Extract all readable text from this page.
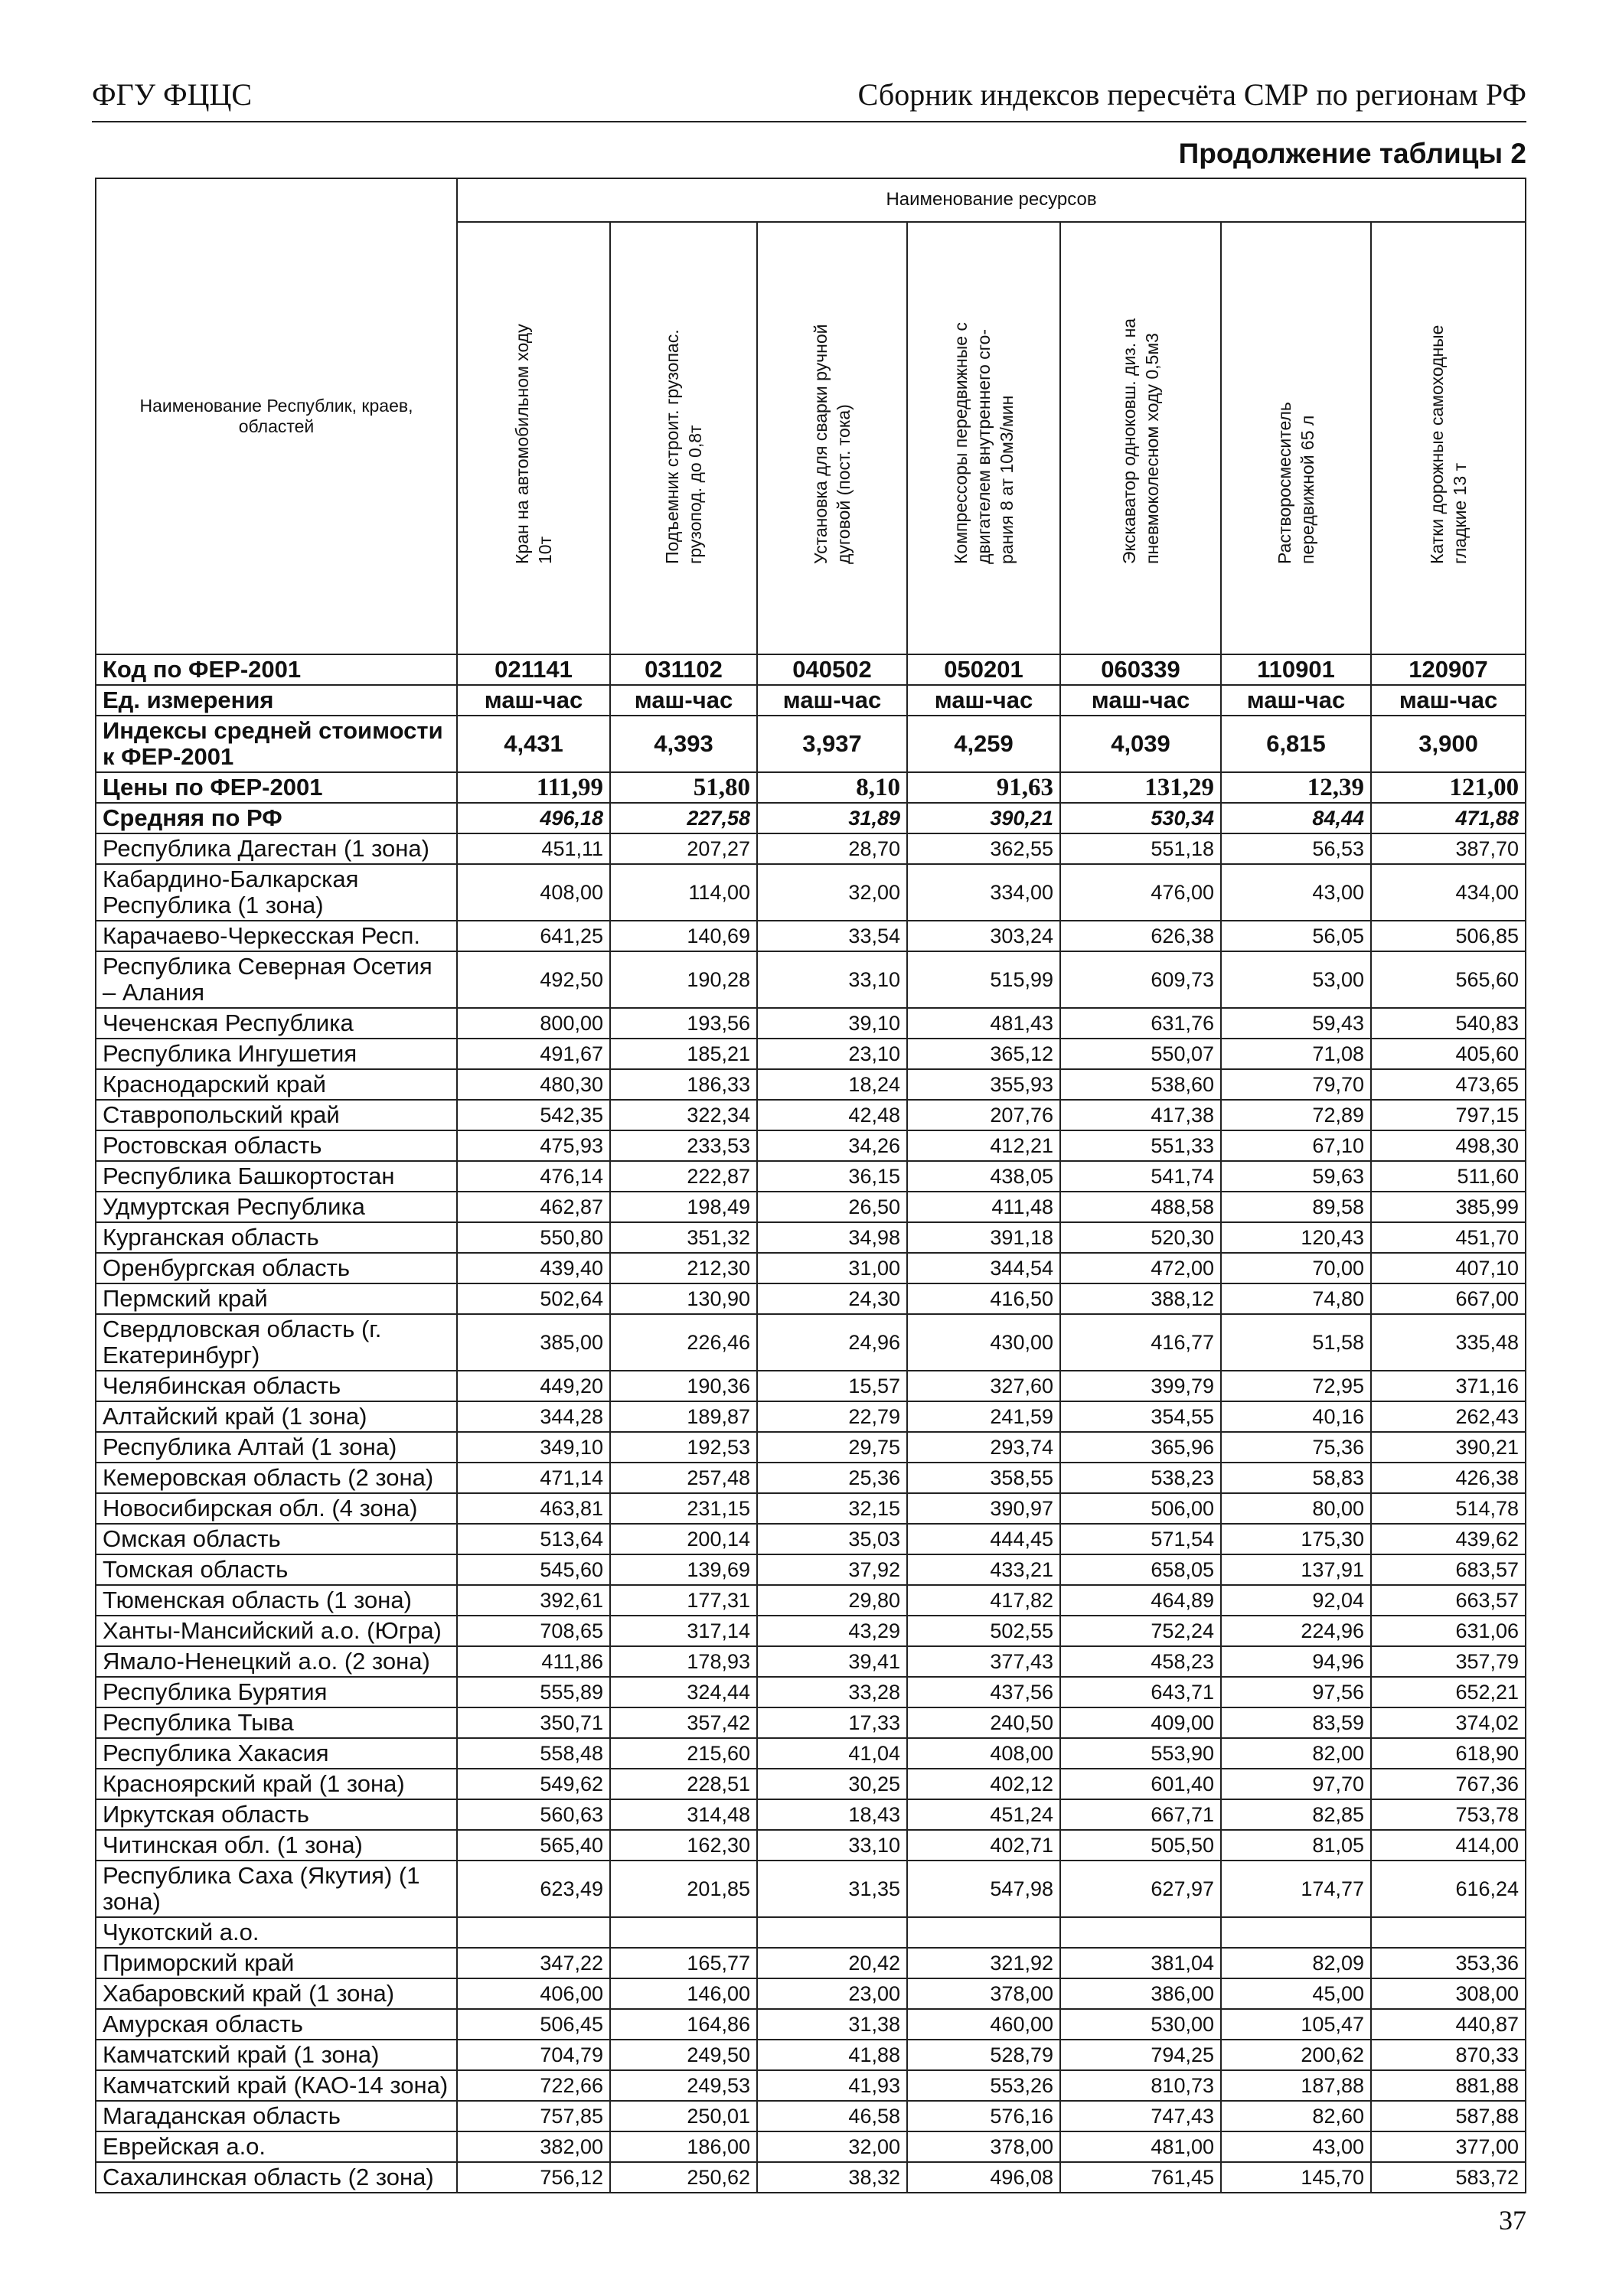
ФГУ ФЦЦС	Сборник индексов пересчёта СМР по регионам РФ
Продолжение таблицы 2
Наименование Республик, краев, областей	Наименование ресурсов						

	Кран на автомобильном ходу 10т	Подъемник строит. грузопас. грузопод. до 0,8т	Установка для сварки ручной дуговой (пост. тока)	Компрессоры передвижные с двигателем внутреннего сго-рания 8 ат 10м3/мин	Экскаватор одноковш. диз. на пневмоколесном ходу 0,5м3	Растворосмеситель передвижной 65 л	Катки дорожные самоходные гладкие 13 т

Код по ФЕР-2001	021141	031102	040502	050201	060339	110901	120907
Ед. измерения	маш-час	маш-час	маш-час	маш-час	маш-час	маш-час	маш-час
Индексы средней стоимости к ФЕР-2001	4,431	4,393	3,937	4,259	4,039	6,815	3,900
Цены по ФЕР-2001	111,99	51,80	8,10	91,63	131,29	12,39	121,00
Средняя по РФ	496,18	227,58	31,89	390,21	530,34	84,44	471,88
Республика Дагестан (1 зона)	451,11	207,27	28,70	362,55	551,18	56,53	387,70
Кабардино-Балкарская Республика (1 зона)	408,00	114,00	32,00	334,00	476,00	43,00	434,00
Карачаево-Черкесская Респ.	641,25	140,69	33,54	303,24	626,38	56,05	506,85
Республика Северная Осетия – Алания	492,50	190,28	33,10	515,99	609,73	53,00	565,60
Чеченская Республика	800,00	193,56	39,10	481,43	631,76	59,43	540,83
Республика Ингушетия	491,67	185,21	23,10	365,12	550,07	71,08	405,60
Краснодарский край	480,30	186,33	18,24	355,93	538,60	79,70	473,65
Ставропольский край	542,35	322,34	42,48	207,76	417,38	72,89	797,15
Ростовская область	475,93	233,53	34,26	412,21	551,33	67,10	498,30
Республика Башкортостан	476,14	222,87	36,15	438,05	541,74	59,63	511,60
Удмуртская Республика	462,87	198,49	26,50	411,48	488,58	89,58	385,99
Курганская область	550,80	351,32	34,98	391,18	520,30	120,43	451,70
Оренбургская область	439,40	212,30	31,00	344,54	472,00	70,00	407,10
Пермский край	502,64	130,90	24,30	416,50	388,12	74,80	667,00
Свердловская область (г. Екатеринбург)	385,00	226,46	24,96	430,00	416,77	51,58	335,48
Челябинская область	449,20	190,36	15,57	327,60	399,79	72,95	371,16
Алтайский край (1 зона)	344,28	189,87	22,79	241,59	354,55	40,16	262,43
Республика Алтай (1 зона)	349,10	192,53	29,75	293,74	365,96	75,36	390,21
Кемеровская область (2 зона)	471,14	257,48	25,36	358,55	538,23	58,83	426,38
Новосибирская обл. (4 зона)	463,81	231,15	32,15	390,97	506,00	80,00	514,78
Омская область	513,64	200,14	35,03	444,45	571,54	175,30	439,62
Томская область	545,60	139,69	37,92	433,21	658,05	137,91	683,57
Тюменская область (1 зона)	392,61	177,31	29,80	417,82	464,89	92,04	663,57
Ханты-Мансийский а.о. (Югра)	708,65	317,14	43,29	502,55	752,24	224,96	631,06
Ямало-Ненецкий а.о. (2 зона)	411,86	178,93	39,41	377,43	458,23	94,96	357,79
Республика Бурятия	555,89	324,44	33,28	437,56	643,71	97,56	652,21
Республика Тыва	350,71	357,42	17,33	240,50	409,00	83,59	374,02
Республика Хакасия	558,48	215,60	41,04	408,00	553,90	82,00	618,90
Красноярский край (1 зона)	549,62	228,51	30,25	402,12	601,40	97,70	767,36
Иркутская область	560,63	314,48	18,43	451,24	667,71	82,85	753,78
Читинская обл. (1 зона)	565,40	162,30	33,10	402,71	505,50	81,05	414,00
Республика Саха (Якутия) (1 зона)	623,49	201,85	31,35	547,98	627,97	174,77	616,24
Чукотский а.о.							
Приморский край	347,22	165,77	20,42	321,92	381,04	82,09	353,36
Хабаровский край (1 зона)	406,00	146,00	23,00	378,00	386,00	45,00	308,00
Амурская область	506,45	164,86	31,38	460,00	530,00	105,47	440,87
Камчатский край (1 зона)	704,79	249,50	41,88	528,79	794,25	200,62	870,33
Камчатский край (КАО-14 зона)	722,66	249,53	41,93	553,26	810,73	187,88	881,88
Магаданская область	757,85	250,01	46,58	576,16	747,43	82,60	587,88
Еврейская а.о.	382,00	186,00	32,00	378,00	481,00	43,00	377,00
Сахалинская область (2 зона)	756,12	250,62	38,32	496,08	761,45	145,70	583,72
37
